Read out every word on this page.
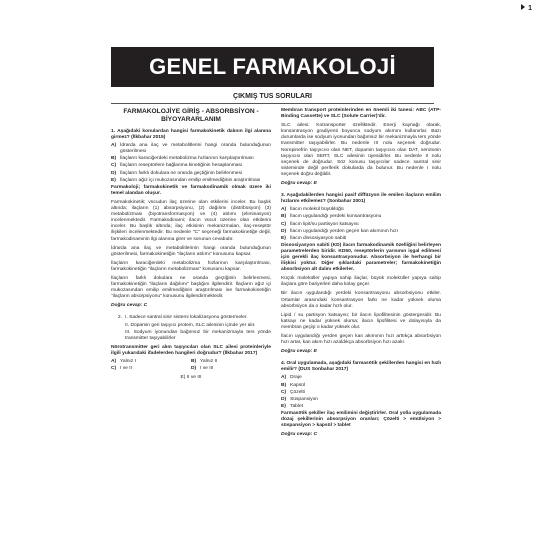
1
GENEL FARMAKOLOJİ
ÇIKMIŞ TUS SORULARI
FARMAKOLOJİYE GİRİŞ - ABSORBSİYON - BİYOYARARLANIM
1. Aşağıdaki konulardan hangisi farmakokinetik dalının ilgi alanına girmez? (İlkbahar 2015)
A) İdrarda ana ilaç ve metabolitlerini hangi oranda bulunduğunun gösterilmesi
B) İlaçların karaciğerdeki metabolizma hızlarının karşılaştırılması
C) İlaçların reseptörlere bağlanma kinetiğinin hesaplanması
D) İlaçların farklı dokulara ne oranda geçtiğinin belirlenmesi
E) İlaçların ağız içi mukozasından emilip emilmediğinin araştırılması

Farmakoloji; farmakokinetik ve farmakodinamik olmak üzere iki temel alandan oluşur.

Farmakokinetik; vücudun ilaç üzerine olan etkilerini inceler. Bu başlık altında; ilaçların (1) absorpsiyonu, (2) dağılımı (distribüsyon) (3) metabolizması (biyotransformasyon) ve (4) atılımı (eliminasyon) incelenmektedir. Farmakodinami; ilacın vücut üzerine olan etkilerini inceler. Bu başlık altında; ilaç etkisinin mekanizmaları, ilaç-reseptör ilişkileri incelenmektedir. Bu nedenle "C" seçeneği farmakokinetiğe değil, farmakodinaminin ilgi alanına girer ve sorunun cevabıdır.

İdrarda ana ilaç ve metabolitlerinin hangi oranda bulunduğunun gösterilmesi, farmakokinetiğin "ilaçların atılımı" konusunu kapsar.

İlaçların karaciğerdeki metabolizma hızlarının karşılaştırılması, farmakokinetiğin "ilaçların metabolizması" konusunu kapsar.

İlaçların farklı dokulara ne oranda geçtiğinin belirlenmesi, farmakokinetiğin "ilaçların dağılımı" başlığını ilgilendirir. İlaçların ağız içi mukozasından emilip emilmediğinin araştırılması ise farmakokinetiğin "ilaçların absorpsiyonu" konusunu ilgilendirmektedir.

Doğru cevap: C
2. I. Sadece santral sinir sistemi lokalizasyonu göstermeler.
II. Dopamin geri taşıyıcı protein, SLC ailesinin içinde yer alır.
III. Sodyum iyonundan bağımsız bir mekanizmayla ters yönde transmitter taşıyabilirler
Nörotransmitter geri alım taşıyıcıları olan SLC ailesi proteinleriyle ilgili yukarıdaki ifadelerden hangileri doğrudur? (İlkbahar 2017)
A) Yalnız I	B) Yalnız II
C) I ve II	D) I ve III
E) II ve III

Membran transport proteinlerinden en önemli iki tanesi: ABC (ATP-Binding Cassette) ve SLC (Solute Carrier)'dir.

SLC ailesi: Kotransporter özelliktedir. Enerji kaynağı olarak, konsantrasyon gradiyenti boyunca sodyum akımını kullanırlar. Bazı durumlarda ise sodyum iyonundan bağımsız bir mekanizmayla ters yönde transmitter taşıyabilirler. Bu nedenle III nolu seçenek doğrudur. Norepinefrin taşıyıcısı olan NET, dopamin taşıyıcısı olan DAT, serotonin taşıyıcısı olan SERT, SLC ailesinin üyesidirler. Bu nedenle II nolu seçenek de doğrudur. Söz konusu taşıyıcılar sadece santral sinir sisteminde değil periferik dokularda da bulunur. Bu nedenle I nolu seçenek doğru değildir.

Doğru cevap: E
3. Aşağıdakilerden hangisi pasif diffüzyon ile emilen ilaçların emilim hızlarını etkilemez? (Sonbahar 2001)
A) İlacın molekül büyüklüğü
B) İlacın uygulandığı yerdeki konsantrasyonu
C) İlacın lipit/su partisyon katsayısı
D) İlacın uygulandığı yerden geçen kan akımının hızı
E) İlacın dissosiyasyon sabiti

Dissosiyasyon sabiti (KD) ilacın farmakodinamik özelliğini belirleyen parametrelerden biridir. KD50, reseptörlerin yarısının işgal edilmesi için gerekli ilaç konsantrasyonudur. Absorbsiyon ile herhangi bir ilişkisi yoktur. Diğer şıklardaki parametreler; farmakokinetiğin absorbsiyon alt dalını etkilerler.

Küçük moleküller yapıya sahip ilaçlar, büyük moleküller yapıya sahip ilaçlara göre bariyerleri daha kolay geçer.

Bir ilacın uygulandığı yerdeki konsantrasyonu absorbsiyonu etkiler. Ortamlar arasındaki konsantrasyon farkı ne kadar yüksek olursa absorbsiyon da o kadar hızlı olur.

Lipid / su partisyon katsayısı; bir ilacın lipofilitesinin göstergesidir. Bu katsayı ne kadar yüksek olursa; ilacın lipofilitesi ve dolayısıyla da membran geçişi o kadar yüksek olur.

İlacın uygulandığı yerden geçen kan akımının hızı arttıkça absorbsiyon hızı artar, kan akım hızı azaldıkça absorbsiyon hızı azalır.

Doğru cevap: E
4. Oral uygulamada, aşağıdaki farmasötik şekillerden hangisi en hızlı emilir? (DUS Sonbahar 2017)
A) Draje
B) Kapsül
C) Çözelti
D) Süspansiyon
E) Tablet

Farmasötik şekiller ilaç emilimini değiştirirler. Oral yolla uygulamada dozaj şekillerinin absorpsiyon oranları; Çözelti > emülsiyon > süspansiyon > kapsül > tablet

Doğru cevap: C
